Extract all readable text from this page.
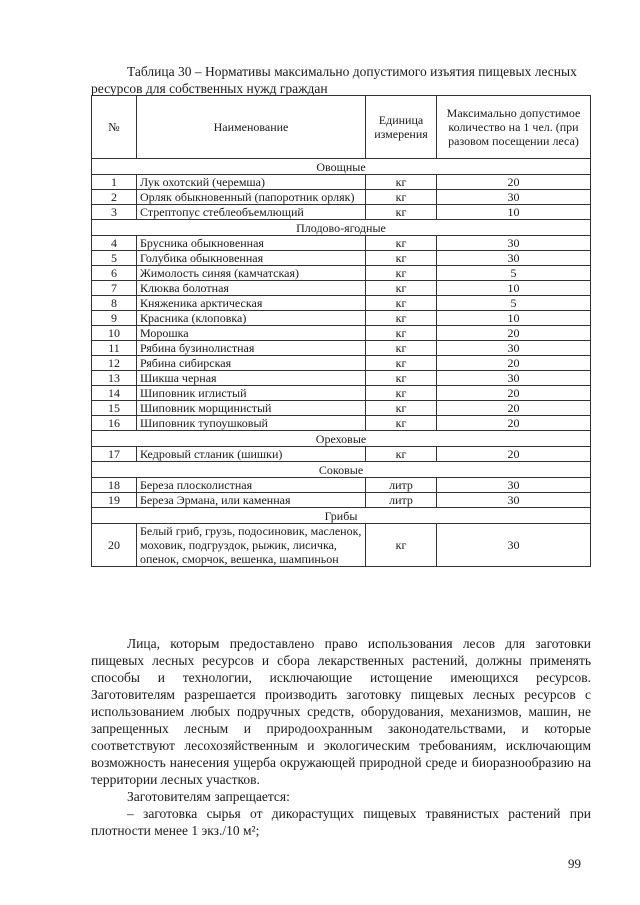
Таблица 30 – Нормативы максимально допустимого изъятия пищевых лесных ресурсов для собственных нужд граждан
№	Наименование	Единица измерения	Максимально допустимое количество на 1 чел. (при разовом посещении леса)
Овощные			
1	Лук охотский (черемша)	кг	20
2	Орляк обыкновенный (папоротник орляк)	кг	30
3	Стрептопус стеблеобъемлющий	кг	10
Плодово-ягодные			
4	Брусника обыкновенная	кг	30
5	Голубика обыкновенная	кг	30
6	Жимолость синяя (камчатская)	кг	5
7	Клюква болотная	кг	10
8	Княженика арктическая	кг	5
9	Красника (клоповка)	кг	10
10	Морошка	кг	20
11	Рябина бузинолистная	кг	30
12	Рябина сибирская	кг	20
13	Шикша черная	кг	30
14	Шиповник иглистый	кг	20
15	Шиповник морщинистый	кг	20
16	Шиповник тупоушковый	кг	20
Ореховые			
17	Кедровый стланик (шишки)	кг	20
Соковые			
18	Береза плосколистная	литр	30
19	Береза Эрмана, или каменная	литр	30
Грибы			
20	Белый гриб, грузь, подосиновик, масленок, моховик, подгруздок, рыжик, лисичка, опенок, сморчок, вешенка, шампиньон	кг	30

Лица, которым предоставлено право использования лесов для заготовки пищевых лесных ресурсов и сбора лекарственных растений, должны применять способы и технологии, исключающие истощение имеющихся ресурсов. Заготовителям разрешается производить заготовку пищевых лесных ресурсов с использованием любых подручных средств, оборудования, механизмов, машин, не запрещенных лесным и природоохранным законодательствами, и которые соответствуют лесохозяйственным и экологическим требованиям, исключающим возможность нанесения ущерба окружающей природной среде и биоразнообразию на территории лесных участков.

Заготовителям запрещается:

– заготовка сырья от дикорастущих пищевых травянистых растений при плотности менее 1 экз./10 м²;

99
